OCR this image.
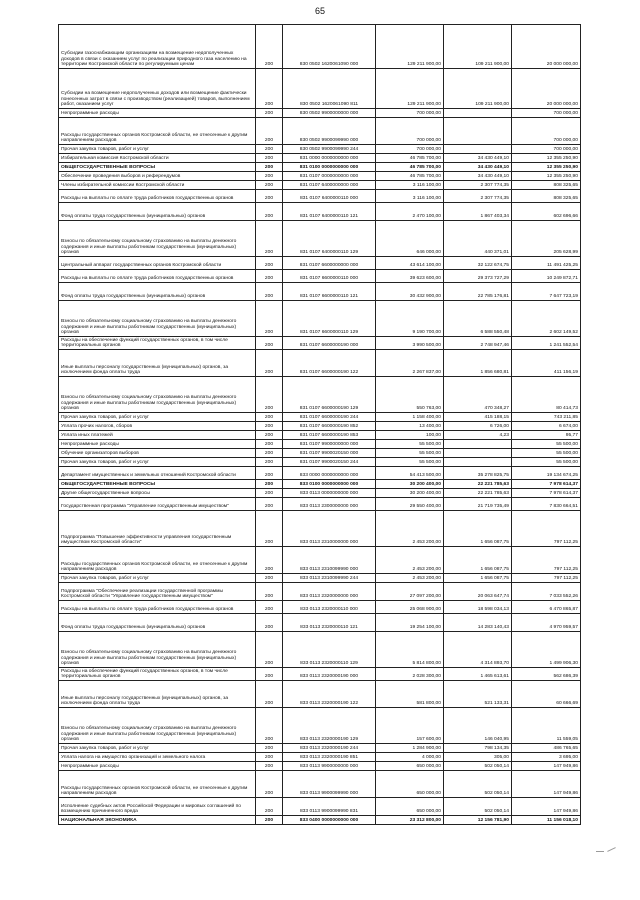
65
Субсидии газоснабжающим организациям на возмещение недополученных доходов в связи с оказанием услуг по реализации природного газа населению на территории Костромской области по регулируемым ценам	200	830 0502 1620061090 000	129 211 900,00	109 211 900,00	20 000 000,00
Субсидии на возмещение недополученных доходов или возмещение фактически понесенных затрат в связи с производством (реализацией) товаров, выполнением работ, оказанием услуг	200	830 0502 1620061090 811	129 211 900,00	109 211 900,00	20 000 000,00
Непрограммные расходы	200	830 0502 9900000000 000	700 000,00		700 000,00
Расходы государственных органов Костромской области, не отнесенные к другим направлениям расходов	200	830 0502 9900099990 000	700 000,00		700 000,00
Прочая закупка товаров, работ и услуг	200	830 0502 9900099990 244	700 000,00		700 000,00
Избирательная комиссия Костромской области	200	831 0000 0000000000 000	46 785 700,00	34 430 449,10	12 355 250,90
ОБЩЕГОСУДАРСТВЕННЫЕ ВОПРОСЫ	200	831 0100 0000000000 000	46 785 700,00	34 430 449,10	12 355 250,90
Обеспечение проведения выборов и референдумов	200	831 0107 0000000000 000	46 785 700,00	34 430 449,10	12 355 250,90
Члены избирательной комиссии Костромской области	200	831 0107 6400000000 000	3 116 100,00	2 307 774,35	808 325,65
Расходы на выплаты по оплате труда работников государственных органов	200	831 0107 6400000110 000	3 116 100,00	2 307 774,35	808 325,65
Фонд оплаты труда государственных (муниципальных) органов	200	831 0107 6400000110 121	2 470 100,00	1 867 403,34	602 696,66
Взносы по обязательному социальному страхованию на выплаты денежного содержания и иные выплаты работникам государственных (муниципальных) органов	200	831 0107 6400000110 129	646 000,00	440 371,01	205 628,99
Центральный аппарат государственных органов Костромской области	200	831 0107 6600000000 000	43 614 100,00	32 122 674,75	11 491 425,25
Расходы на выплаты по оплате труда работников государственных органов	200	831 0107 6600000110 000	39 623 600,00	29 373 727,29	10 249 872,71
Фонд оплаты труда государственных (муниципальных) органов	200	831 0107 6600000110 121	30 432 900,00	22 785 176,81	7 647 723,19
Взносы по обязательному социальному страхованию на выплаты денежного содержания и иные выплаты работникам государственных (муниципальных) органов	200	831 0107 6600000110 129	9 190 700,00	6 588 550,48	2 602 149,52
Расходы на обеспечение функций государственных органов, в том числе территориальных органов	200	831 0107 6600000190 000	3 990 500,00	2 748 947,46	1 241 552,54
Иные выплаты персоналу государственных (муниципальных) органов, за исключением фонда оплаты труда	200	831 0107 6600000190 122	2 267 837,00	1 856 680,81	411 156,19
Взносы по обязательному социальному страхованию на выплаты денежного содержания и иные выплаты работникам государственных (муниципальных) органов	200	831 0107 6600000190 129	550 763,00	470 348,27	80 414,73
Прочая закупка товаров, работ и услуг	200	831 0107 6600000190 244	1 158 400,00	415 188,15	743 211,85
Уплата прочих налогов, сборов	200	831 0107 6600000190 852	13 400,00	6 726,00	6 674,00
Уплата иных платежей	200	831 0107 6600000190 853	100,00	4,23	95,77
Непрограммные расходы	200	831 0107 9900000000 000	55 500,00		55 500,00
Обучение организаторов выборов	200	831 0107 9900020150 000	55 500,00		55 500,00
Прочая закупка товаров, работ и услуг	200	831 0107 9900020150 244	55 500,00		55 500,00
Департамент имущественных и земельных отношений Костромской области	200	833 0000 0000000000 000	54 413 500,00	35 278 825,75	19 134 674,25
ОБЩЕГОСУДАРСТВЕННЫЕ ВОПРОСЫ	200	833 0100 0000000000 000	30 200 400,00	22 221 785,63	7 978 614,37
Другие общегосударственные вопросы	200	833 0113 0000000000 000	30 200 400,00	22 221 785,63	7 978 614,37
Государственная программа "Управление государственным имуществом"	200	833 0113 2300000000 000	29 550 400,00	21 719 735,49	7 830 664,51
Подпрограмма "Повышение эффективности управления государственным имуществом Костромской области"	200	833 0113 2310000000 000	2 453 200,00	1 656 087,75	797 112,25
Расходы государственных органов Костромской области, не отнесенные к другим направлениям расходов	200	833 0113 2310099990 000	2 453 200,00	1 656 087,75	797 112,25
Прочая закупка товаров, работ и услуг	200	833 0113 2310099990 244	2 453 200,00	1 656 087,75	797 112,25
Подпрограмма "Обеспечение реализации государственной программы Костромской области "Управление государственным имуществом"	200	833 0113 2320000000 000	27 097 200,00	20 063 647,74	7 033 552,26
Расходы на выплаты по оплате труда работников государственных органов	200	833 0113 2320000110 000	25 068 900,00	18 598 034,13	6 470 865,87
Фонд оплаты труда государственных (муниципальных) органов	200	833 0113 2320000110 121	19 254 100,00	14 283 140,43	4 970 959,57
Взносы по обязательному социальному страхованию на выплаты денежного содержания и иные выплаты работникам государственных (муниципальных) органов	200	833 0113 2320000110 129	5 814 800,00	4 314 893,70	1 499 906,30
Расходы на обеспечение функций государственных органов, в том числе территориальных органов	200	833 0113 2320000190 000	2 028 300,00	1 465 613,61	562 686,39
Иные выплаты персоналу государственных (муниципальных) органов, за исключением фонда оплаты труда	200	833 0113 2320000190 122	581 800,00	521 133,31	60 666,69
Взносы по обязательному социальному страхованию на выплаты денежного содержания и иные выплаты работникам государственных (муниципальных) органов	200	833 0113 2320000190 129	157 600,00	146 040,95	11 559,05
Прочая закупка товаров, работ и услуг	200	833 0113 2320000190 244	1 284 900,00	798 134,35	486 765,65
Уплата налога на имущество организаций и земельного налога	200	833 0113 2320000190 851	4 000,00	305,00	3 695,00
Непрограммные расходы	200	833 0113 9900000000 000	650 000,00	502 050,14	147 949,86
Расходы государственных органов Костромской области, не отнесенные к другим направлениям расходов	200	833 0113 9900099990 000	650 000,00	502 050,14	147 949,86
Исполнение судебных актов Российской Федерации и мировых соглашений по возмещению причиненного вреда	200	833 0113 9900099990 831	650 000,00	502 050,14	147 949,86
НАЦИОНАЛЬНАЯ ЭКОНОМИКА	200	833 0400 0000000000 000	23 312 800,00	12 156 781,90	11 156 018,10
